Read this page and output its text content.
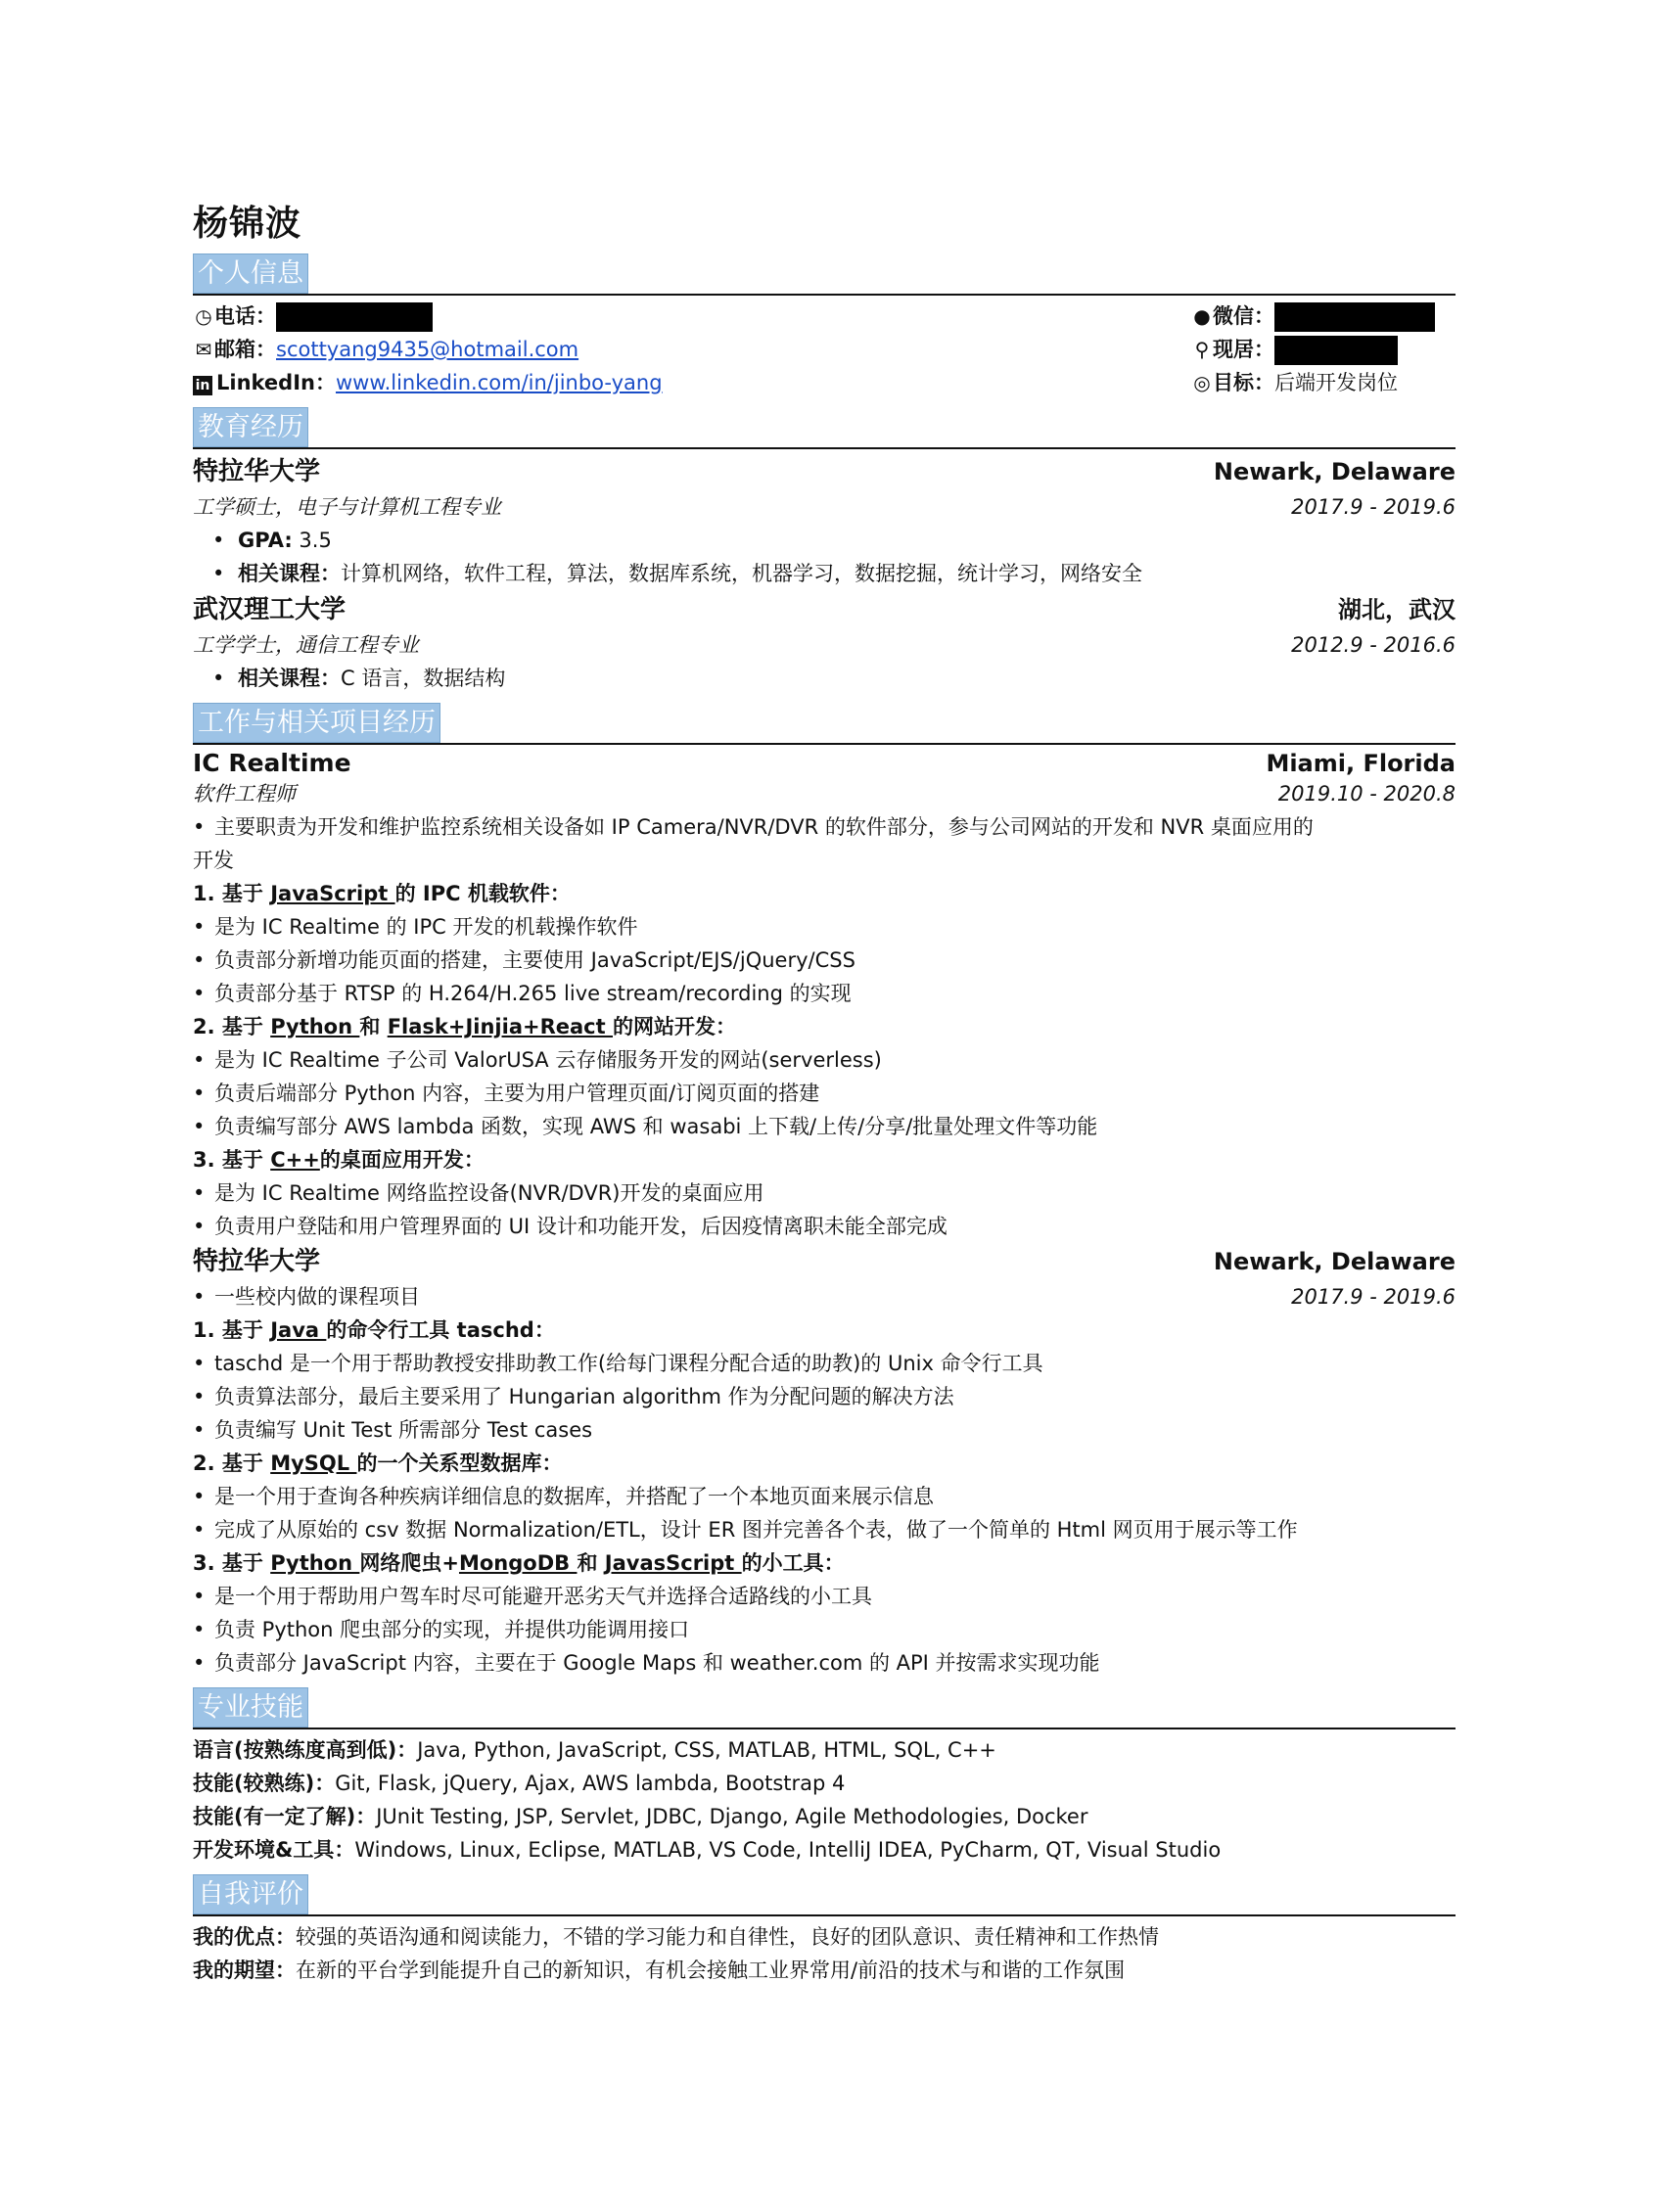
杨锦波
个人信息
◷ 电话：
✉ 邮箱：scottyang9435@hotmail.com
in LinkedIn：www.linkedin.com/in/jinbo-yang
● 微信：
⚲ 现居：
◎ 目标：后端开发岗位
教育经历
特拉华大学	Newark, Delaware
工学硕士，电子与计算机工程专业	2017.9 - 2019.6
• GPA: 3.5
• 相关课程：计算机网络，软件工程，算法，数据库系统，机器学习，数据挖掘，统计学习，网络安全
武汉理工大学	湖北，武汉
工学学士，通信工程专业	2012.9 - 2016.6
• 相关课程：C 语言，数据结构
工作与相关项目经历
IC Realtime	Miami, Florida
软件工程师	2019.10 - 2020.8
• 主要职责为开发和维护监控系统相关设备如 IP Camera/NVR/DVR 的软件部分，参与公司网站的开发和 NVR 桌面应用的
开发
1. 基于 JavaScript 的 IPC 机载软件：
• 是为 IC Realtime 的 IPC 开发的机载操作软件
• 负责部分新增功能页面的搭建，主要使用 JavaScript/EJS/jQuery/CSS
• 负责部分基于 RTSP 的 H.264/H.265 live stream/recording 的实现
2. 基于 Python 和 Flask+Jinjia+React 的网站开发：
• 是为 IC Realtime 子公司 ValorUSA 云存储服务开发的网站(serverless)
• 负责后端部分 Python 内容，主要为用户管理页面/订阅页面的搭建
• 负责编写部分 AWS lambda 函数，实现 AWS 和 wasabi 上下载/上传/分享/批量处理文件等功能
3. 基于 C++的桌面应用开发：
• 是为 IC Realtime 网络监控设备(NVR/DVR)开发的桌面应用
• 负责用户登陆和用户管理界面的 UI 设计和功能开发，后因疫情离职未能全部完成
特拉华大学	Newark, Delaware
• 一些校内做的课程项目	2017.9 - 2019.6
1. 基于 Java 的命令行工具 taschd：
• taschd 是一个用于帮助教授安排助教工作(给每门课程分配合适的助教)的 Unix 命令行工具
• 负责算法部分，最后主要采用了 Hungarian algorithm 作为分配问题的解决方法
• 负责编写 Unit Test 所需部分 Test cases
2. 基于 MySQL 的一个关系型数据库：
• 是一个用于查询各种疾病详细信息的数据库，并搭配了一个本地页面来展示信息
• 完成了从原始的 csv 数据 Normalization/ETL，设计 ER 图并完善各个表，做了一个简单的 Html 网页用于展示等工作
3. 基于 Python 网络爬虫+MongoDB 和 JavasScript 的小工具：
• 是一个用于帮助用户驾车时尽可能避开恶劣天气并选择合适路线的小工具
• 负责 Python 爬虫部分的实现，并提供功能调用接口
• 负责部分 JavaScript 内容，主要在于 Google Maps 和 weather.com 的 API 并按需求实现功能
专业技能
语言(按熟练度高到低)：Java, Python, JavaScript, CSS, MATLAB, HTML, SQL, C++
技能(较熟练)：Git, Flask, jQuery, Ajax, AWS lambda, Bootstrap 4
技能(有一定了解)：JUnit Testing, JSP, Servlet, JDBC, Django, Agile Methodologies, Docker
开发环境&工具：Windows, Linux, Eclipse, MATLAB, VS Code, IntelliJ IDEA, PyCharm, QT, Visual Studio
自我评价
我的优点：较强的英语沟通和阅读能力，不错的学习能力和自律性，良好的团队意识、责任精神和工作热情
我的期望：在新的平台学到能提升自己的新知识，有机会接触工业界常用/前沿的技术与和谐的工作氛围
